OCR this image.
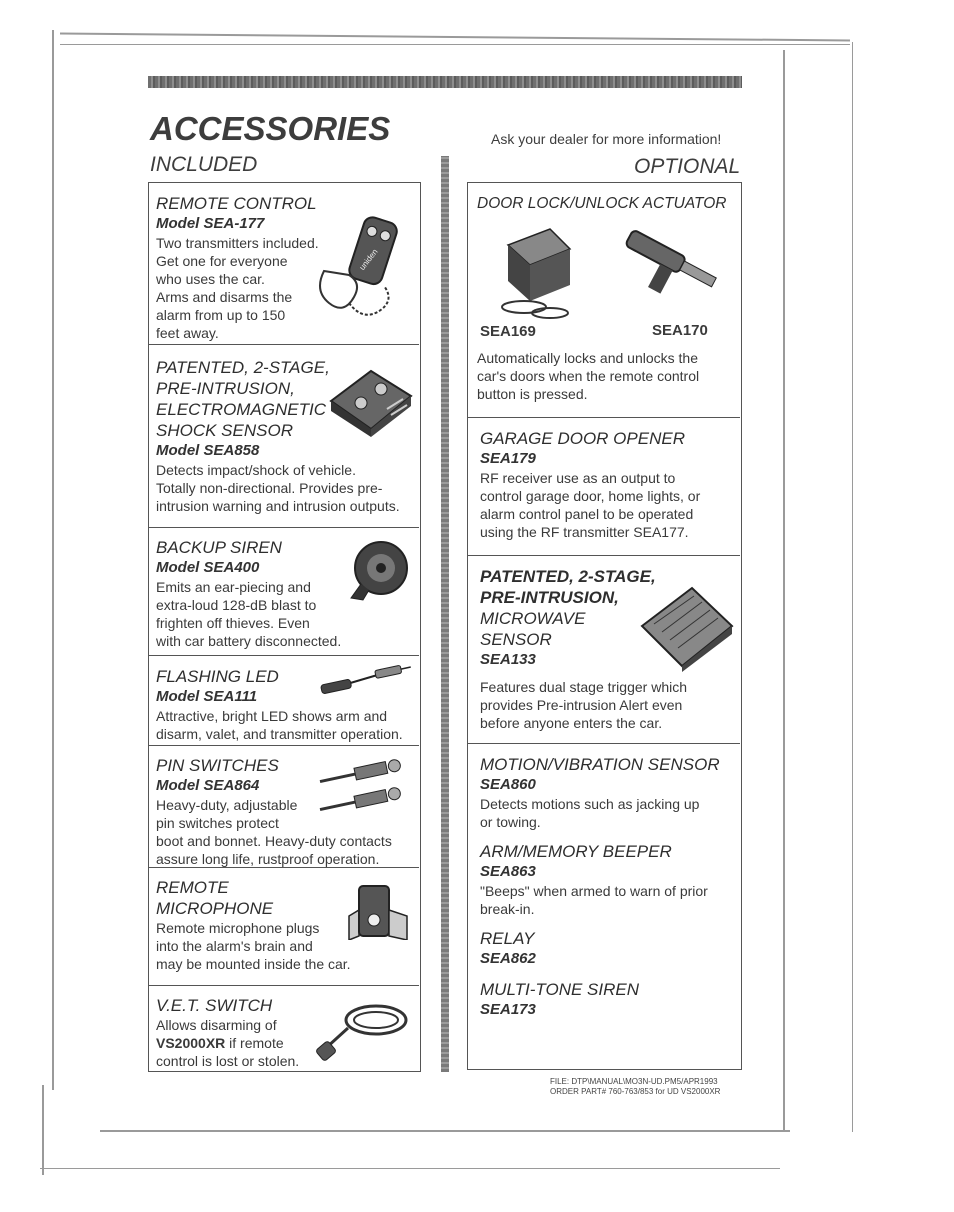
ACCESSORIES
INCLUDED
Ask your dealer for more information!
OPTIONAL
REMOTE CONTROL
Model SEA-177
Two transmitters included.
Get one for everyone
who uses the car.
Arms and disarms the
alarm from up to 150
feet away.
uniden
PATENTED, 2-STAGE,
PRE-INTRUSION,
ELECTROMAGNETIC
SHOCK SENSOR
Model SEA858
Detects impact/shock of vehicle.
Totally non-directional. Provides pre-
intrusion warning and intrusion outputs.
BACKUP SIREN
Model SEA400
Emits an ear-piecing and
extra-loud 128-dB blast to
frighten off thieves. Even
with car battery disconnected.
FLASHING LED
Model SEA111
Attractive, bright LED shows arm and
disarm, valet, and transmitter operation.
PIN SWITCHES
Model SEA864
Heavy-duty, adjustable
pin switches protect
boot and bonnet. Heavy-duty contacts
assure long life, rustproof operation.
REMOTE
MICROPHONE
Remote microphone plugs
into the alarm's brain and
may be mounted inside the car.
V.E.T. SWITCH
Allows disarming of
VS2000XR if remote
control is lost or stolen.
DOOR LOCK/UNLOCK ACTUATOR
SEA169	SEA170
Automatically locks and unlocks the
car's doors when the remote control
button is pressed.
GARAGE DOOR OPENER
SEA179
RF receiver use as an output to
control garage door, home lights, or
alarm control panel to be operated
using the RF transmitter SEA177.
PATENTED, 2-STAGE,
PRE-INTRUSION,
MICROWAVE
SENSOR
SEA133
Features dual stage trigger which
provides Pre-intrusion Alert even
before anyone enters the car.
MOTION/VIBRATION SENSOR
SEA860
Detects motions such as jacking up
or towing.
ARM/MEMORY BEEPER
SEA863
"Beeps" when armed to warn of prior
break-in.
RELAY
SEA862
MULTI-TONE SIREN
SEA173
FILE: DTP\MANUAL\MO3N-UD.PM5/APR1993
ORDER PART# 760-763/853 for UD VS2000XR
